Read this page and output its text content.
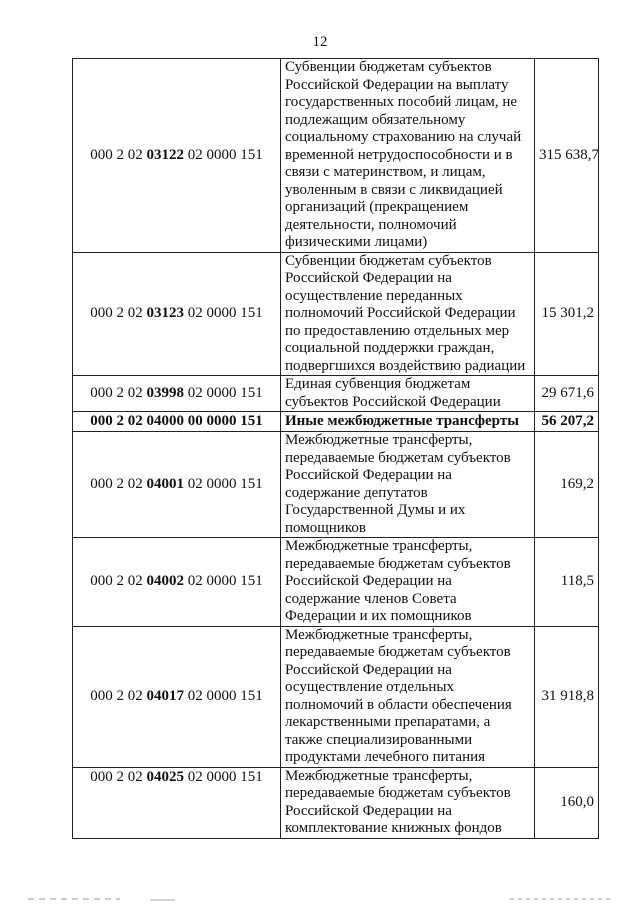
12
000 2 02 03122 02 0000 151	Субвенции бюджетам субъектов Российской Федерации на выплату государственных пособий лицам, не подлежащим обязательному социальному страхованию на случай временной нетрудоспособности и в связи с материнством, и лицам, уволенным в связи с ликвидацией организаций (прекращением деятельности, полномочий физическими лицами)	315 638,7
000 2 02 03123 02 0000 151	Субвенции бюджетам субъектов Российской Федерации на осуществление переданных полномочий Российской Федерации по предоставлению отдельных мер социальной поддержки граждан, подвергшихся воздействию радиации	15 301,2
000 2 02 03998 02 0000 151	Единая субвенция бюджетам субъектов Российской Федерации	29 671,6
000 2 02 04000 00 0000 151	Иные межбюджетные трансферты	56 207,2
000 2 02 04001 02 0000 151	Межбюджетные трансферты, передаваемые бюджетам субъектов Российской Федерации на содержание депутатов Государственной Думы и их помощников	169,2
000 2 02 04002 02 0000 151	Межбюджетные трансферты, передаваемые бюджетам субъектов Российской Федерации на содержание членов Совета Федерации и их помощников	118,5
000 2 02 04017 02 0000 151	Межбюджетные трансферты, передаваемые бюджетам субъектов Российской Федерации на осуществление отдельных полномочий в области обеспечения лекарственными препаратами, а также специализированными продуктами лечебного питания	31 918,8
000 2 02 04025 02 0000 151	Межбюджетные трансферты, передаваемые бюджетам субъектов Российской Федерации на комплектование книжных фондов	160,0
